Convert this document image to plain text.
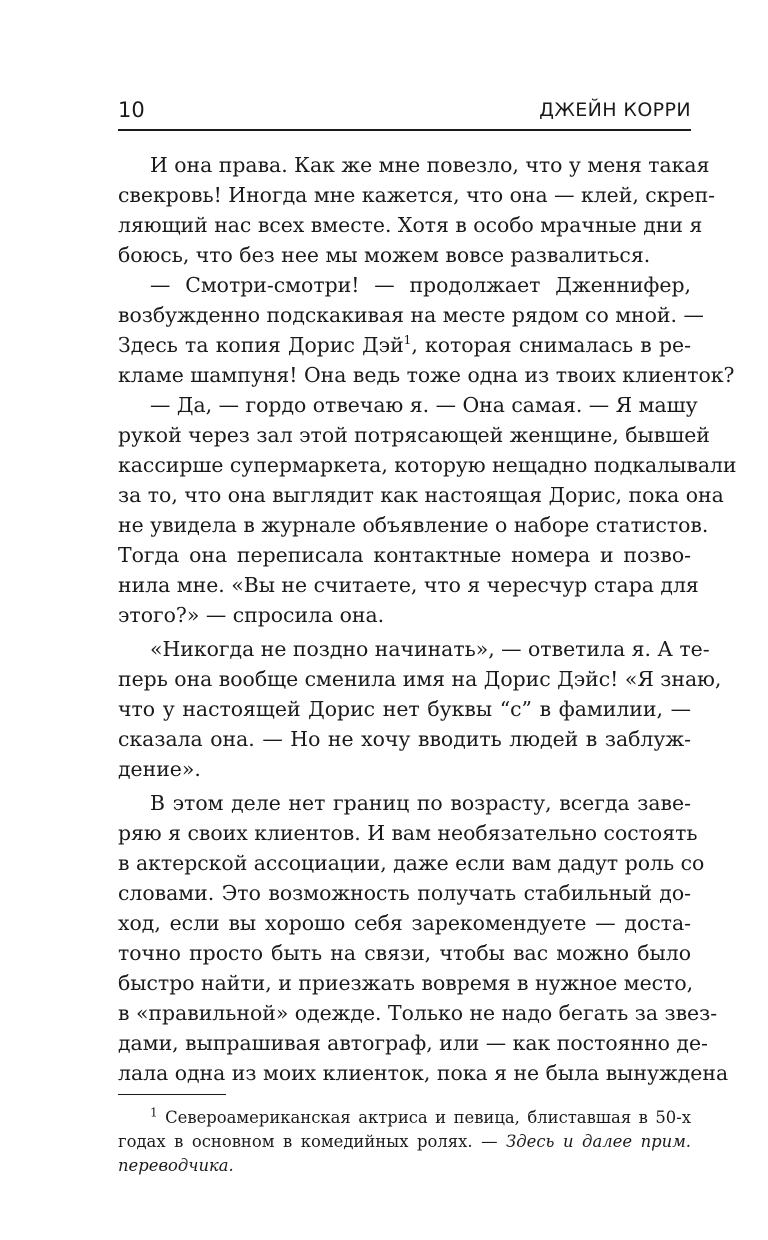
10	ДЖЕЙН КОРРИ
И она права. Как же мне повезло, что у меня такая
свекровь! Иногда мне кажется, что она — клей, скреп-
ляющий нас всех вместе. Хотя в особо мрачные дни я
боюсь, что без нее мы можем вовсе развалиться.
— Смотри-смотри! — продолжает Дженнифер,
возбужденно подскакивая на месте рядом со мной. —
Здесь та копия Дорис Дэй$^1$, которая снималась в ре-
кламе шампуня! Она ведь тоже одна из твоих клиенток?
— Да, — гордо отвечаю я. — Она самая. — Я машу
рукой через зал этой потрясающей женщине, бывшей
кассирше супермаркета, которую нещадно подкалывали
за то, что она выглядит как настоящая Дорис, пока она
не увидела в журнале объявление о наборе статистов.
Тогда она переписала контактные номера и позво-
нила мне. «Вы не считаете, что я чересчур стара для
этого?» — спросила она.
«Никогда не поздно начинать», — ответила я. А те-
перь она вообще сменила имя на Дорис Дэйс! «Я знаю,
что у настоящей Дорис нет буквы “с” в фамилии, —
сказала она. — Но не хочу вводить людей в заблуж-
дение».
В этом деле нет границ по возрасту, всегда заве-
ряю я своих клиентов. И вам необязательно состоять
в актерской ассоциации, даже если вам дадут роль со
словами. Это возможность получать стабильный до-
ход, если вы хорошо себя зарекомендуете — доста-
точно просто быть на связи, чтобы вас можно было
быстро найти, и приезжать вовремя в нужное место,
в «правильной» одежде. Только не надо бегать за звез-
дами, выпрашивая автограф, или — как постоянно де-
лала одна из моих клиенток, пока я не была вынуждена
$^1$ Североамериканская актриса и певица, блиставшая в 50-х
годах в основном в комедийных ролях. — Здесь и далее прим.
переводчика.
